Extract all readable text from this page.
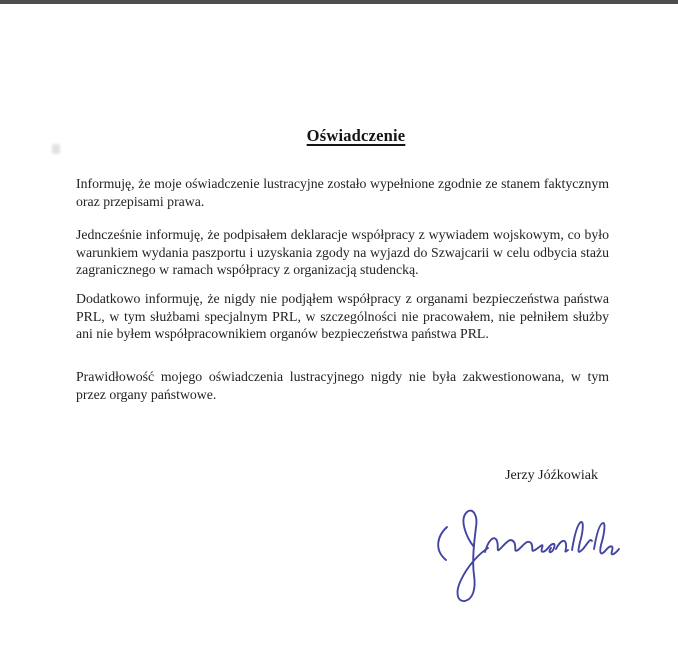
Oświadczenie

Informuję, że moje oświadczenie lustracyjne zostało wypełnione zgodnie ze stanem faktycznym oraz przepisami prawa.

Jedncześnie informuję, że podpisałem deklaracje współpracy z wywiadem wojskowym, co było warunkiem wydania paszportu i uzyskania zgody na wyjazd do Szwajcarii w celu odbycia stażu zagranicznego w ramach współpracy z organizacją studencką.

Dodatkowo informuję, że nigdy nie podjąłem współpracy z organami bezpieczeństwa państwa PRL, w tym służbami specjalnym PRL, w szczególności nie pracowałem, nie pełniłem służby ani nie byłem współpracownikiem organów bezpieczeństwa państwa PRL.

Prawidłowość mojego oświadczenia lustracyjnego nigdy nie była zakwestionowana, w tym przez organy państwowe.

Jerzy Jóźkowiak
